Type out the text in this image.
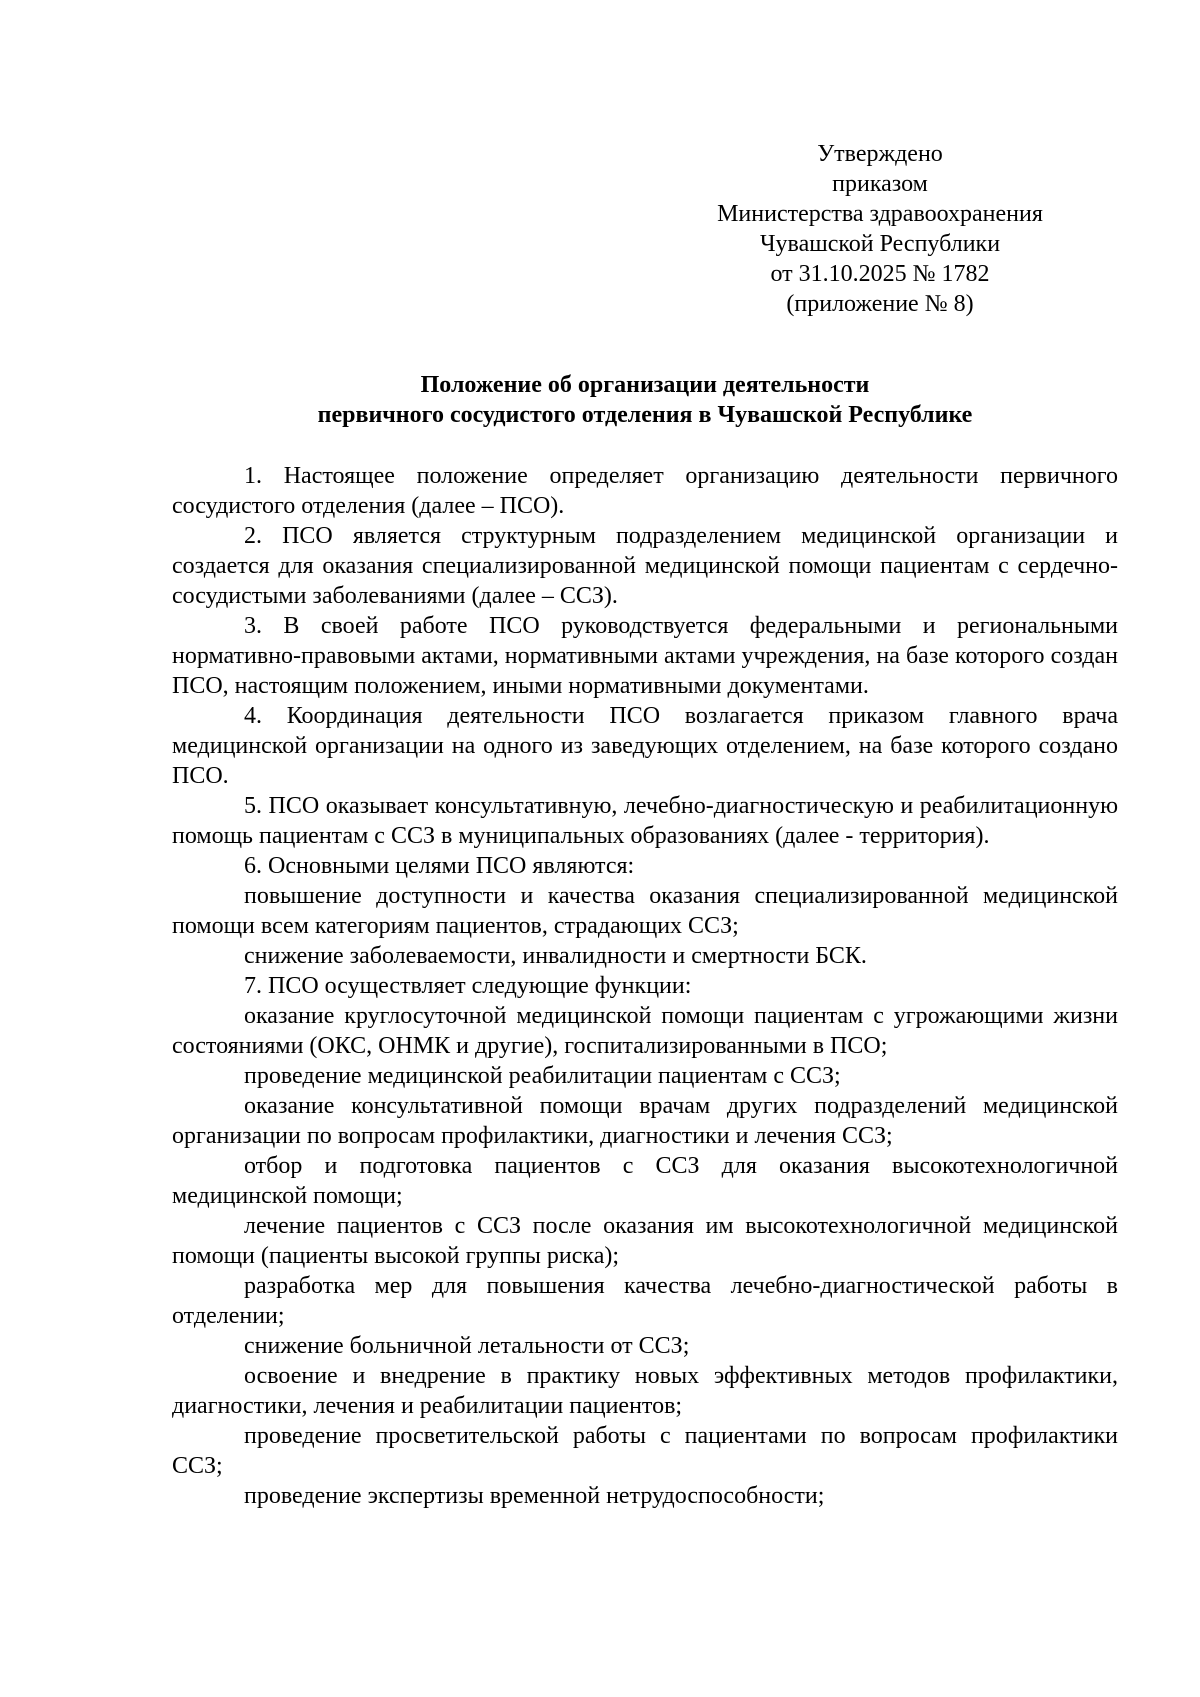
Утверждено
приказом
Министерства здравоохранения
Чувашской Республики
от 31.10.2025 № 1782
(приложение № 8)
Положение об организации деятельности
первичного сосудистого отделения в Чувашской Республике

1. Настоящее положение определяет организацию деятельности первичного сосудистого отделения (далее – ПСО).

2. ПСО является структурным подразделением медицинской организации и создается для оказания специализированной медицинской помощи пациентам с сердечно-сосудистыми заболеваниями (далее – ССЗ).

3. В своей работе ПСО руководствуется федеральными и региональными нормативно-правовыми актами, нормативными актами учреждения, на базе которого создан ПСО, настоящим положением, иными нормативными документами.

4. Координация деятельности ПСО возлагается приказом главного врача медицинской организации на одного из заведующих отделением, на базе которого создано ПСО.

5. ПСО оказывает консультативную, лечебно-диагностическую и реабилитационную помощь пациентам с ССЗ в муниципальных образованиях (далее - территория).

6. Основными целями ПСО являются:

повышение доступности и качества оказания специализированной медицинской помощи всем категориям пациентов, страдающих ССЗ;

снижение заболеваемости, инвалидности и смертности БСК.

7. ПСО осуществляет следующие функции:

оказание круглосуточной медицинской помощи пациентам с угрожающими жизни состояниями (ОКС, ОНМК и другие), госпитализированными в ПСО;

проведение медицинской реабилитации пациентам с ССЗ;

оказание консультативной помощи врачам других подразделений медицинской организации по вопросам профилактики, диагностики и лечения ССЗ;

отбор и подготовка пациентов с ССЗ для оказания высокотехнологичной медицинской помощи;

лечение пациентов с ССЗ после оказания им высокотехнологичной медицинской помощи (пациенты высокой группы риска);

разработка мер для повышения качества лечебно-диагностической работы в отделении;

снижение больничной летальности от ССЗ;

освоение и внедрение в практику новых эффективных методов профилактики, диагностики, лечения и реабилитации пациентов;

проведение просветительской работы с пациентами по вопросам профилактики ССЗ;

проведение экспертизы временной нетрудоспособности;
